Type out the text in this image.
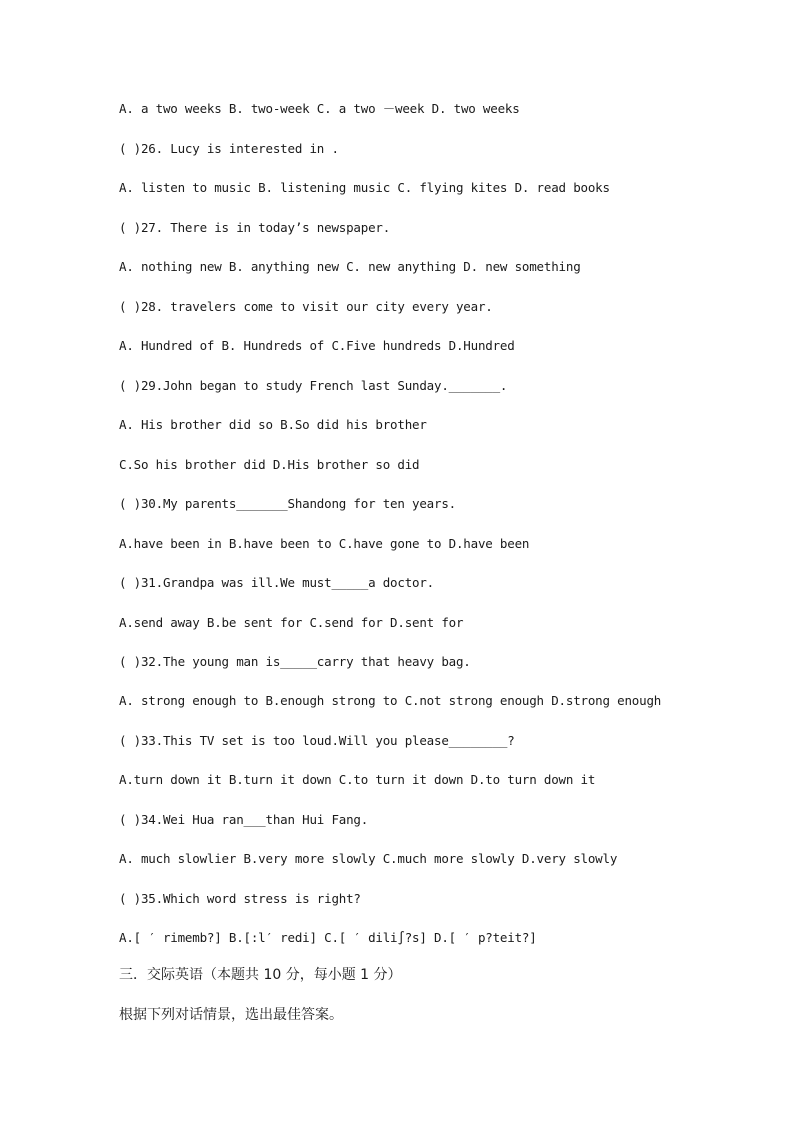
A. a two weeks B. two-week C. a two －week D. two weeks
( )26. Lucy is interested in .
A. listen to music B. listening music C. flying kites D. read books
( )27. There is in today’s newspaper.
A. nothing new B. anything new C. new anything D. new something
( )28. travelers come to visit our city every year.
A. Hundred of B. Hundreds of C.Five hundreds D.Hundred
( )29.John began to study French last Sunday._______.
A. His brother did so B.So did his brother
C.So his brother did D.His brother so did
( )30.My parents_______Shandong for ten years.
A.have been in B.have been to C.have gone to D.have been
( )31.Grandpa was ill.We must_____a doctor.
A.send away B.be sent for C.send for D.sent for
( )32.The young man is_____carry that heavy bag.
A. strong enough to B.enough strong to C.not strong enough D.strong enough
( )33.This TV set is too loud.Will you please________?
A.turn down it B.turn it down C.to turn it down D.to turn down it
( )34.Wei Hua ran___than Hui Fang.
A. much slowlier B.very more slowly C.much more slowly D.very slowly
( )35.Which word stress is right?
A.[ ′ rimemb?] B.[:l′ redi] C.[ ′ dili∫?s] D.[ ′ p?teit?]
三．交际英语（本题共 10 分，每小题 1 分）
根据下列对话情景，选出最佳答案。
